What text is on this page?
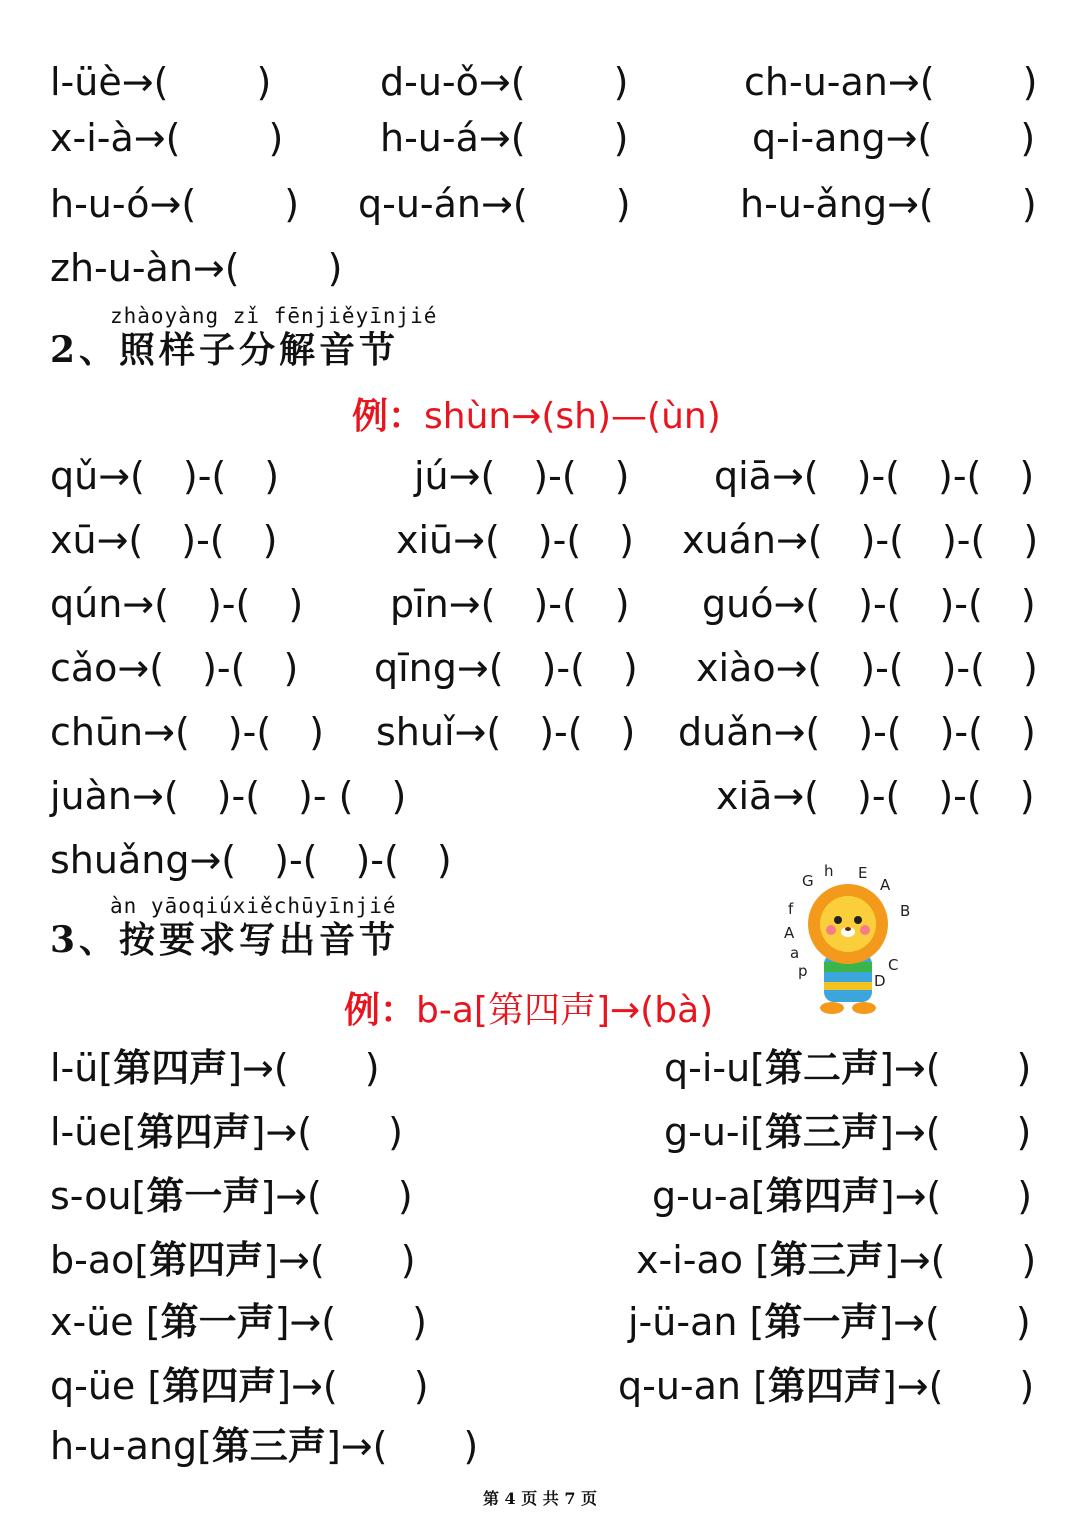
l-üè→(　　 )	d-u-ǒ→(　　 )	ch-u-an→(　　 )
x-i-à→(　　 )	h-u-á→(　　 )	q-i-ang→(　　 )
h-u-ó→(　　 ) q-u-án→(　　 )	h-u-ǎng→(　　 )
zh-u-àn→(　　 )
zhàoyàng zǐ fēnjiěyīnjié
2、照样子分解音节
例：shùn→(sh)—(ùn)
qǔ→(　)-(　)	jú→(　)-(　) qiā→(　)-(　)-(　)
xū→(　)-(　)	xiū→(　)-(　) xuán→(　)-(　)-(　)
qún→(　)-(　) pīn→(　)-(　) guó→(　)-(　)-(　)
cǎo→(　)-(　) qīng→(　)-(　) xiào→(　)-(　)-(　)
chūn→(　)-(　) shuǐ→(　)-(　) duǎn→(　)-(　)-(　)
juàn→(　)-(　)- (　)	xiā→(　)-(　)-(　)
shuǎng→(　)-(　)-(　)	G
h E
A
B
C
D
a
f
A
p
àn yāoqiúxiěchūyīnjié
3、按要求写出音节
例：b-a[第四声]→(bà)
l-ü[第四声]→(　　)	q-i-u[第二声]→(　　)
l-üe[第四声]→(　　)	g-u-i[第三声]→(　　)
s-ou[第一声]→(　　)	g-u-a[第四声]→(　　)
b-ao[第四声]→(　　)	x-i-ao [第三声]→(　　)
x-üe [第一声]→(　　)	j-ü-an [第一声]→(　　)
q-üe [第四声]→(　　)	q-u-an [第四声]→(　　)
h-u-ang[第三声]→(　　)
第 4 页 共 7 页
